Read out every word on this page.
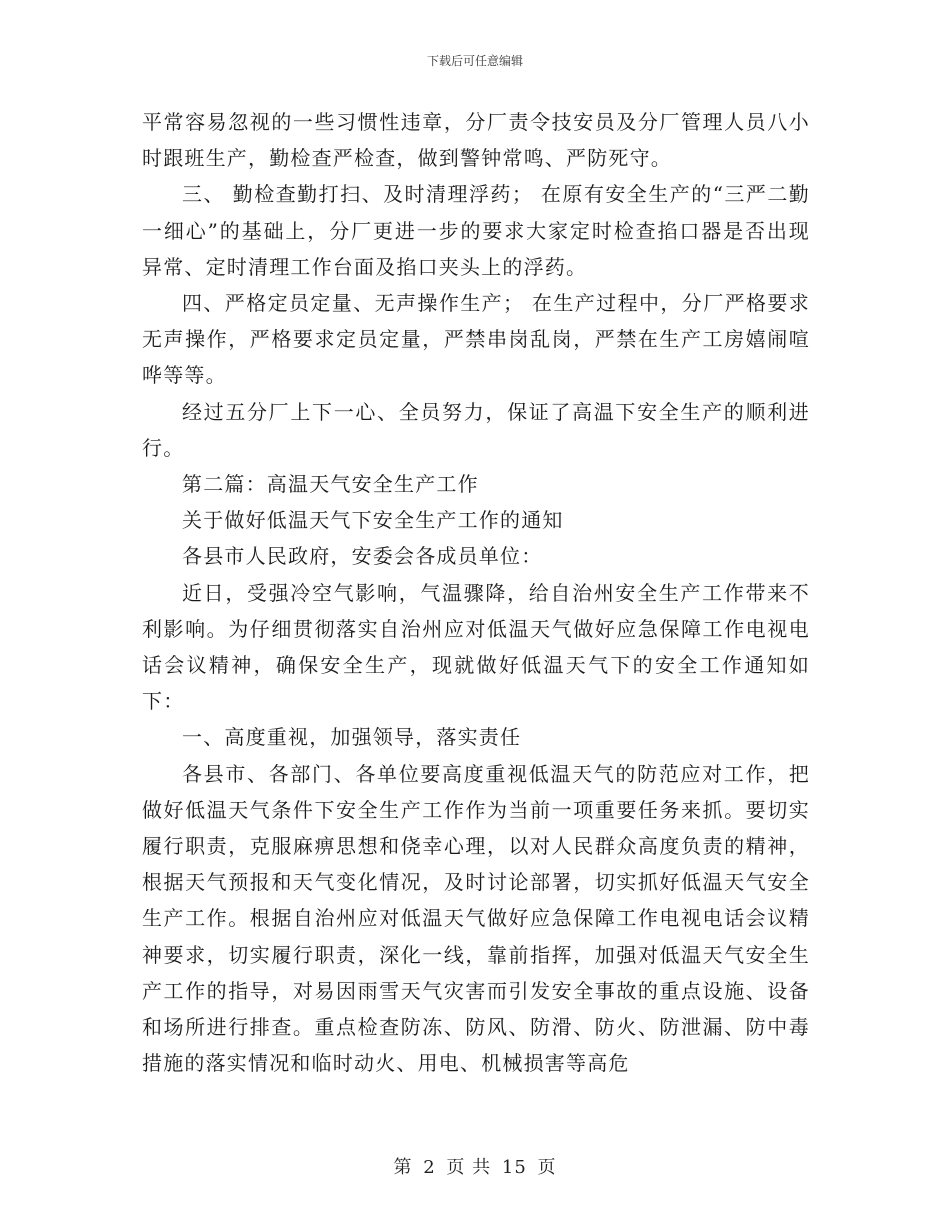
下载后可任意编辑

平常容易忽视的一些习惯性违章，分厂责令技安员及分厂管理人员八小时跟班生产，勤检查严检查，做到警钟常鸣、严防死守。

三、 勤检查勤打扫、及时清理浮药； 在原有安全生产的“三严二勤一细心”的基础上，分厂更进一步的要求大家定时检查掐口器是否出现异常、定时清理工作台面及掐口夹头上的浮药。

四、严格定员定量、无声操作生产； 在生产过程中，分厂严格要求无声操作，严格要求定员定量，严禁串岗乱岗，严禁在生产工房嬉闹喧哗等等。

经过五分厂上下一心、全员努力，保证了高温下安全生产的顺利进行。

第二篇：高温天气安全生产工作

关于做好低温天气下安全生产工作的通知

各县市人民政府，安委会各成员单位：

近日，受强冷空气影响，气温骤降，给自治州安全生产工作带来不利影响。为仔细贯彻落实自治州应对低温天气做好应急保障工作电视电话会议精神，确保安全生产，现就做好低温天气下的安全工作通知如下：

一、高度重视，加强领导，落实责任

各县市、各部门、各单位要高度重视低温天气的防范应对工作，把做好低温天气条件下安全生产工作作为当前一项重要任务来抓。要切实履行职责，克服麻痹思想和侥幸心理，以对人民群众高度负责的精神，根据天气预报和天气变化情况，及时讨论部署，切实抓好低温天气安全生产工作。根据自治州应对低温天气做好应急保障工作电视电话会议精神要求，切实履行职责，深化一线，靠前指挥，加强对低温天气安全生产工作的指导，对易因雨雪天气灾害而引发安全事故的重点设施、设备和场所进行排查。重点检查防冻、防风、防滑、防火、防泄漏、防中毒措施的落实情况和临时动火、用电、机械损害等高危

第 2 页 共 15 页
